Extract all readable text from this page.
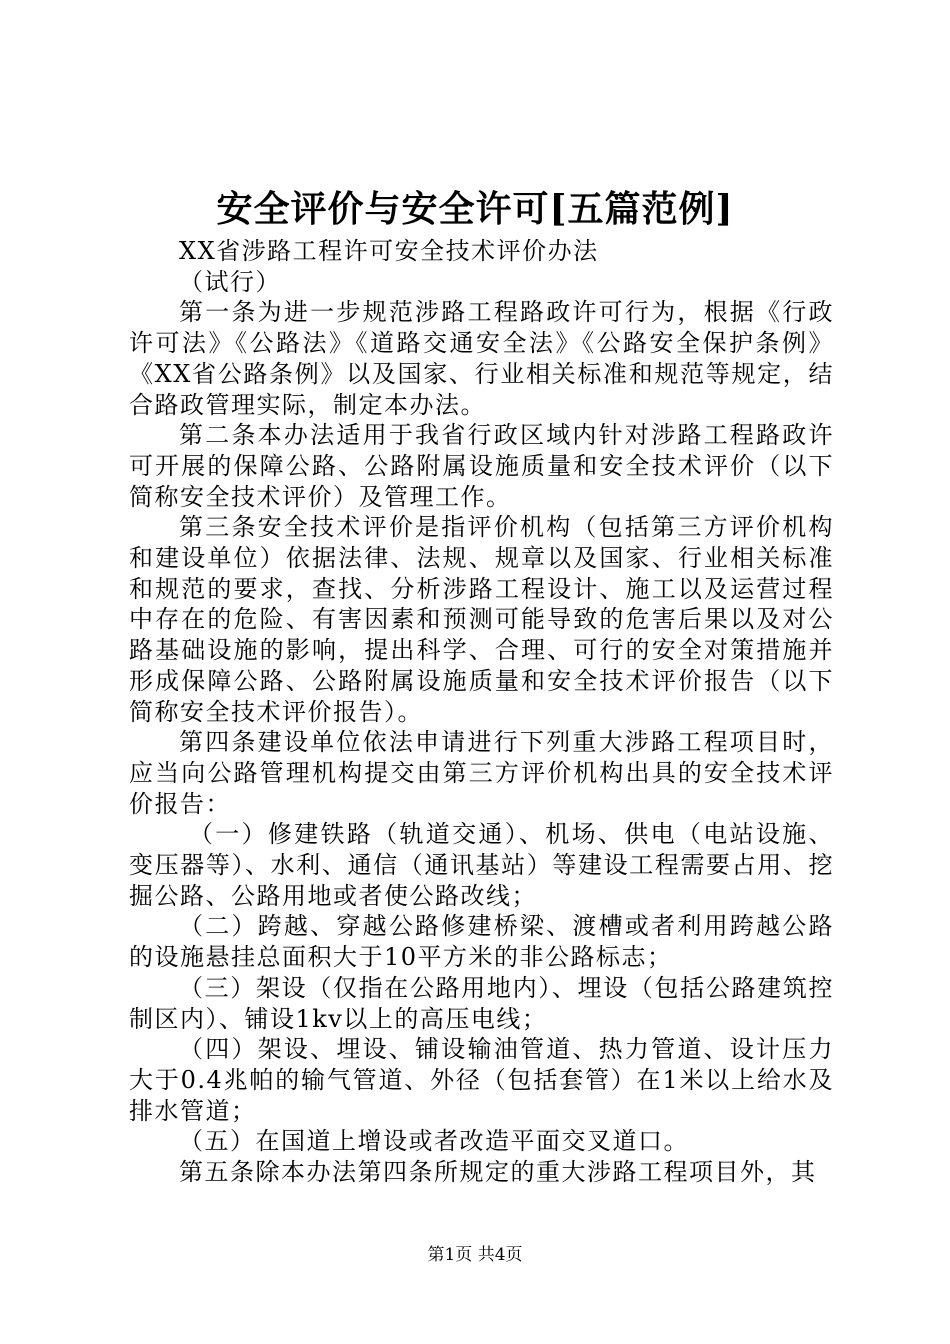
安全评价与安全许可[五篇范例]

XX省涉路工程许可安全技术评价办法

（试行）

第一条为进一步规范涉路工程路政许可行为，根据《行政许可法》《公路法》《道路交通安全法》《公路安全保护条例》《XX省公路条例》以及国家、行业相关标准和规范等规定，结合路政管理实际，制定本办法。

第二条本办法适用于我省行政区域内针对涉路工程路政许可开展的保障公路、公路附属设施质量和安全技术评价（以下简称安全技术评价）及管理工作。

第三条安全技术评价是指评价机构（包括第三方评价机构和建设单位）依据法律、法规、规章以及国家、行业相关标准和规范的要求，查找、分析涉路工程设计、施工以及运营过程中存在的危险、有害因素和预测可能导致的危害后果以及对公路基础设施的影响，提出科学、合理、可行的安全对策措施并形成保障公路、公路附属设施质量和安全技术评价报告（以下简称安全技术评价报告）。

第四条建设单位依法申请进行下列重大涉路工程项目时，应当向公路管理机构提交由第三方评价机构出具的安全技术评价报告：

（一）修建铁路（轨道交通）、机场、供电（电站设施、变压器等）、水利、通信（通讯基站）等建设工程需要占用、挖掘公路、公路用地或者使公路改线；

（二）跨越、穿越公路修建桥梁、渡槽或者利用跨越公路的设施悬挂总面积大于10平方米的非公路标志；

（三）架设（仅指在公路用地内）、埋设（包括公路建筑控制区内）、铺设1kv以上的高压电线；

（四）架设、埋设、铺设输油管道、热力管道、设计压力大于0.4兆帕的输气管道、外径（包括套管）在1米以上给水及排水管道；

（五）在国道上增设或者改造平面交叉道口。

第五条除本办法第四条所规定的重大涉路工程项目外，其

第1页 共4页
